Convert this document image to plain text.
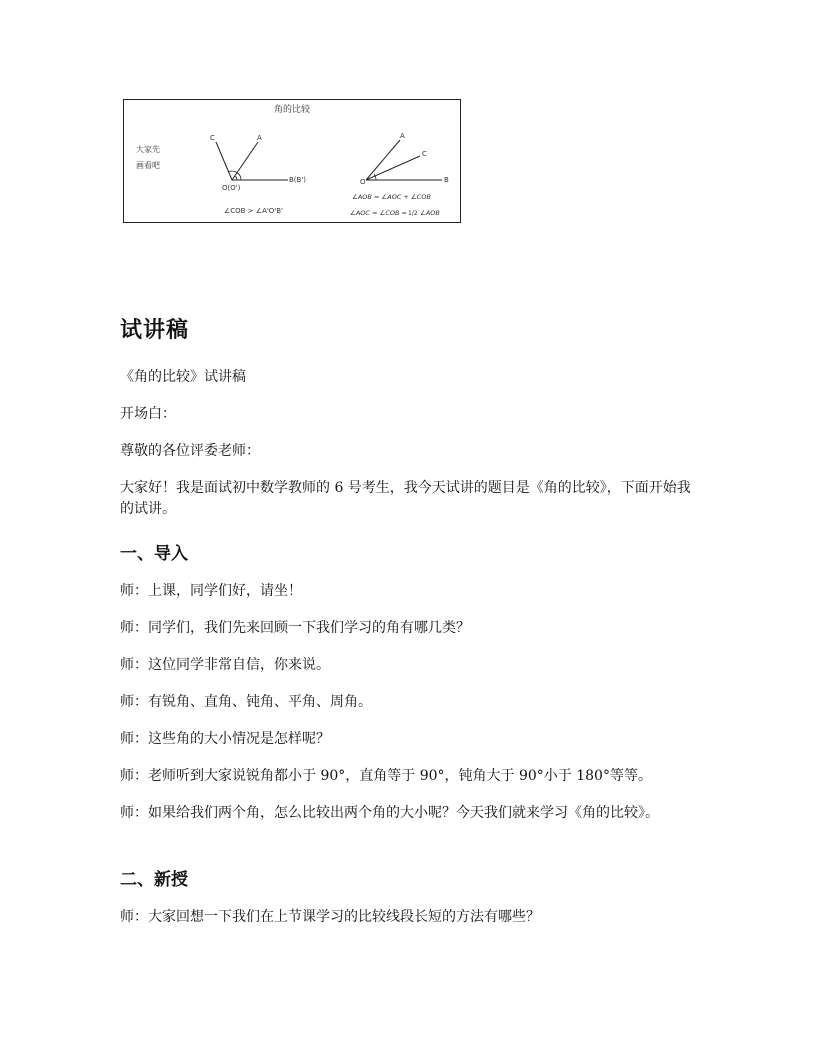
角的比较
大家先
画看吧
C	A
O(O')
B(B')
∠COB > ∠A'O'B'
A
C
O	B
∠AOB = ∠AOC + ∠COB
∠AOC = ∠COB = 1/2 ∠AOB
试讲稿
《角的比较》试讲稿
开场白：
尊敬的各位评委老师：
大家好！我是面试初中数学教师的 6 号考生，我今天试讲的题目是《角的比较》，下面开始我的试讲。
一、导入
师：上课，同学们好，请坐！
师：同学们，我们先来回顾一下我们学习的角有哪几类？
师：这位同学非常自信，你来说。
师：有锐角、直角、钝角、平角、周角。
师：这些角的大小情况是怎样呢？
师：老师听到大家说锐角都小于 90°，直角等于 90°，钝角大于 90°小于 180°等等。
师：如果给我们两个角，怎么比较出两个角的大小呢？今天我们就来学习《角的比较》。
二、新授
师：大家回想一下我们在上节课学习的比较线段长短的方法有哪些？
